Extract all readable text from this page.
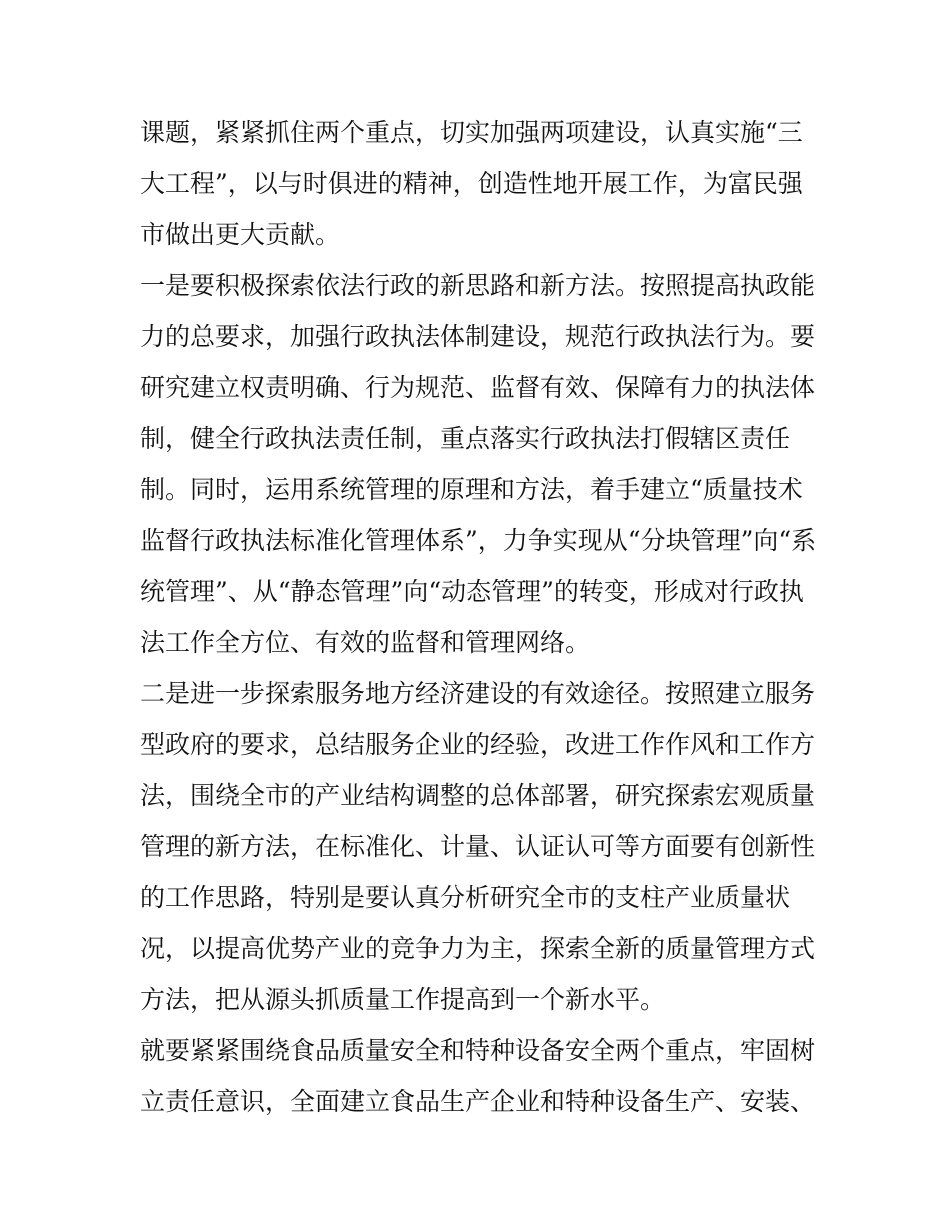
课题，紧紧抓住两个重点，切实加强两项建设，认真实施“三
大工程”，以与时俱进的精神，创造性地开展工作，为富民强
市做出更大贡献。
一是要积极探索依法行政的新思路和新方法。按照提高执政能
力的总要求，加强行政执法体制建设，规范行政执法行为。要
研究建立权责明确、行为规范、监督有效、保障有力的执法体
制，健全行政执法责任制，重点落实行政执法打假辖区责任
制。同时，运用系统管理的原理和方法，着手建立“质量技术
监督行政执法标准化管理体系”，力争实现从“分块管理”向“系
统管理”、从“静态管理”向“动态管理”的转变，形成对行政执
法工作全方位、有效的监督和管理网络。
二是进一步探索服务地方经济建设的有效途径。按照建立服务
型政府的要求，总结服务企业的经验，改进工作作风和工作方
法，围绕全市的产业结构调整的总体部署，研究探索宏观质量
管理的新方法，在标准化、计量、认证认可等方面要有创新性
的工作思路，特别是要认真分析研究全市的支柱产业质量状
况，以提高优势产业的竞争力为主，探索全新的质量管理方式
方法，把从源头抓质量工作提高到一个新水平。
就要紧紧围绕食品质量安全和特种设备安全两个重点，牢固树
立责任意识，全面建立食品生产企业和特种设备生产、安装、
